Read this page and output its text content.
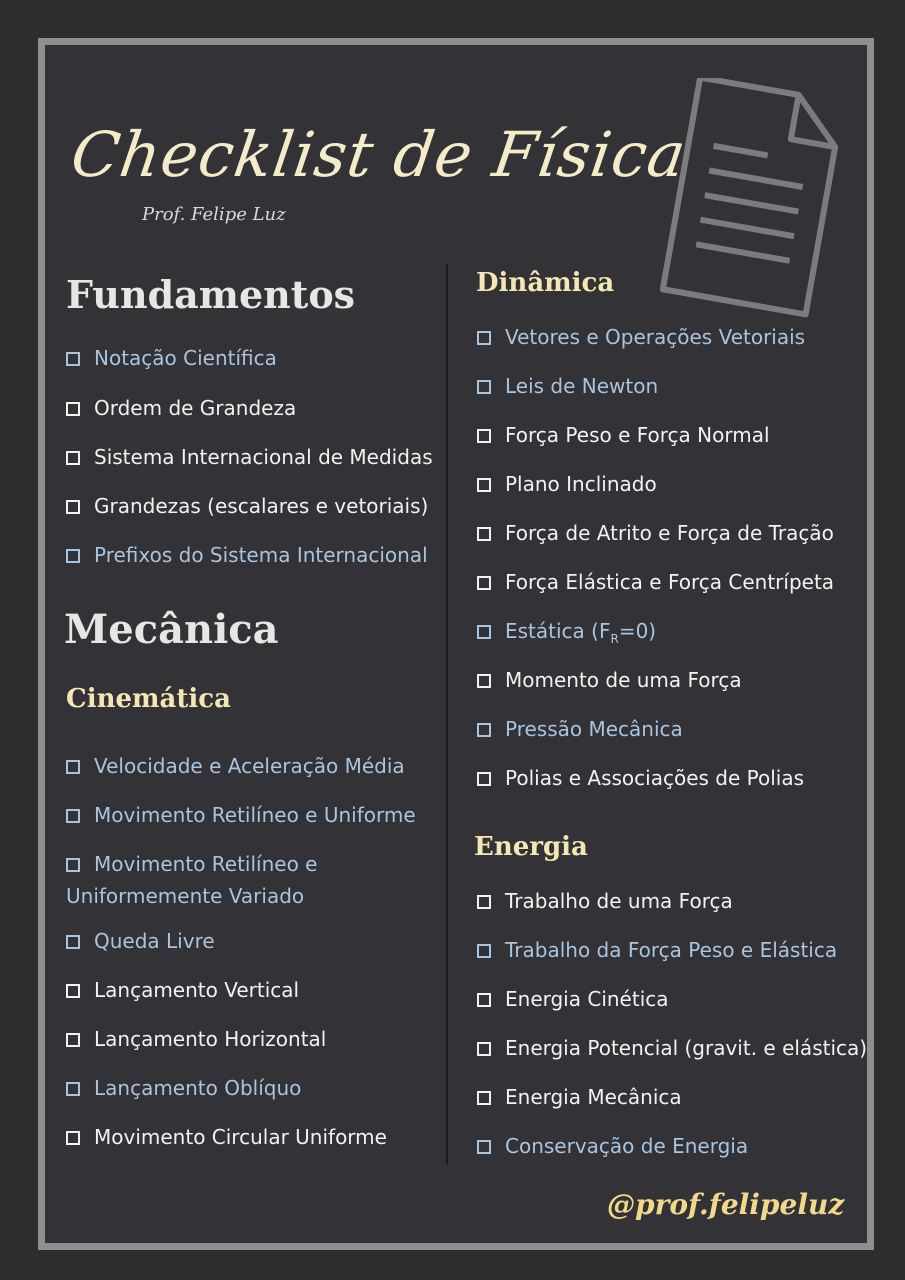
Checklist de Física
Prof. Felipe Luz
Fundamentos
Notação Científica
Ordem de Grandeza
Sistema Internacional de Medidas
Grandezas (escalares e vetoriais)
Prefixos do Sistema Internacional
Mecânica
Cinemática
Velocidade e Aceleração Média
Movimento Retilíneo e Uniforme
Movimento Retilíneo e
Uniformemente Variado
Queda Livre
Lançamento Vertical
Lançamento Horizontal
Lançamento Oblíquo
Movimento Circular Uniforme
Dinâmica
Vetores e Operações Vetoriais
Leis de Newton
Força Peso e Força Normal
Plano Inclinado
Força de Atrito e Força de Tração
Força Elástica e Força Centrípeta
Estática $(F_R=0)$
Momento de uma Força
Pressão Mecânica
Polias e Associações de Polias
Energia
Trabalho de uma Força
Trabalho da Força Peso e Elástica
Energia Cinética
Energia Potencial (gravit. e elástica)
Energia Mecânica
Conservação de Energia
@prof.felipeluz
